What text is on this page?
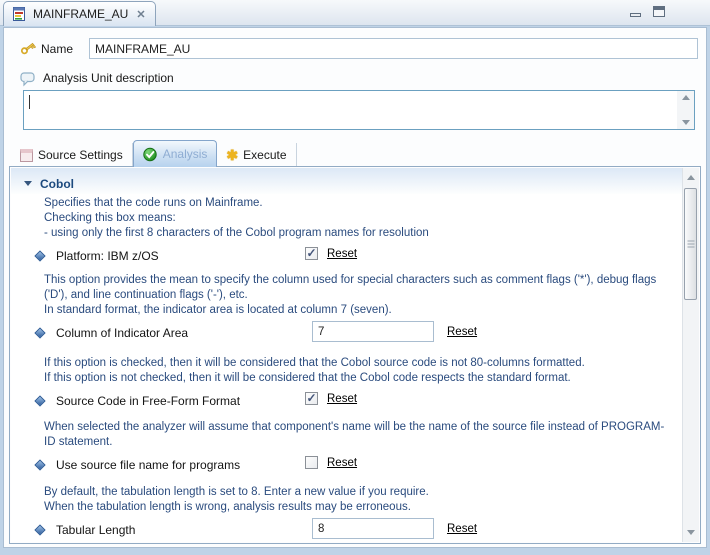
MAINFRAME_AU ✕
Name
MAINFRAME_AU
Analysis Unit description
Source Settings	Analysis ✱ Execute
Cobol
Specifies that the code runs on Mainframe.
Checking this box means:
- using only the first 8 characters of the Cobol program names for resolution
Platform: IBM z/OS	✓ Reset
This option provides the mean to specify the column used for special characters such as comment flags ('*'), debug flags
('D'), and line continuation flags ('-'), etc.
In standard format, the indicator area is located at column 7 (seven).
Column of Indicator Area
7	Reset
If this option is checked, then it will be considered that the Cobol source code is not 80-columns formatted.
If this option is not checked, then it will be considered that the Cobol code respects the standard format.
Source Code in Free-Form Format	✓ Reset
When selected the analyzer will assume that component's name will be the name of the source file instead of PROGRAM-
ID statement.
Use source file name for programs	Reset
By default, the tabulation length is set to 8. Enter a new value if you require.
When the tabulation length is wrong, analysis results may be erroneous.
Tabular Length
8	Reset
